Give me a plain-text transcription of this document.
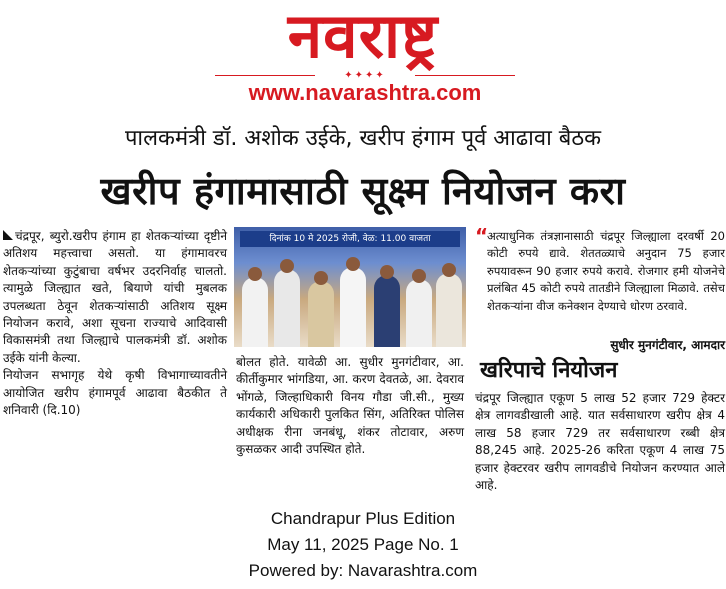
नवराष्ट्र
✦✦✦✦
www.navarashtra.com
पालकमंत्री डॉ. अशोक उईके, खरीप हंगाम पूर्व आढावा बैठक
खरीप हंगामासाठी सूक्ष्म नियोजन करा

चंद्रपूर, ब्युरो.खरीप हंगाम हा शेतकऱ्यांच्या दृष्टीने अतिशय महत्त्वाचा असतो. या हंगामावरच शेतकऱ्यांच्या कुटुंबाचा वर्षभर उदरनिर्वाह चालतो. त्यामुळे जिल्ह्यात खते, बियाणे यांची मुबलक उपलब्धता ठेवून शेतकऱ्यांसाठी अतिशय सूक्ष्म नियोजन करावे, अशा सूचना राज्याचे आदिवासी विकासमंत्री तथा जिल्ह्याचे पालकमंत्री डॉ. अशोक उईके यांनी केल्या.

नियोजन सभागृह येथे कृषी विभागाच्यावतीने आयोजित खरीप हंगामपूर्व आढावा बैठकीत ते शनिवारी (दि.10)

दिनांक 10 मे 2025 रोजी, वेळ: 11.00 वाजता

बोलत होते. यावेळी आ. सुधीर मुनगंटीवार, आ. कीर्तीकुमार भांगडिया, आ. करण देवतळे, आ. देवराव भोंगळे, जिल्हाधिकारी विनय गौडा जी.सी., मुख्य कार्यकारी अधिकारी पुलकित सिंग, अतिरिक्त पोलिस अधीक्षक रीना जनबंधू, शंकर तोटावार, अरुण कुसळकर आदी उपस्थित होते.

“
अत्याधुनिक तंत्रज्ञानासाठी चंद्रपूर जिल्ह्याला दरवर्षी 20 कोटी रुपये द्यावे. शेततळ्याचे अनुदान 75 हजार रुपयावरून 90 हजार रुपये करावे. रोजगार हमी योजनेचे प्रलंबित 45 कोटी रुपये तातडीने जिल्ह्याला मिळावे. तसेच शेतकऱ्यांना वीज कनेक्शन देण्याचे धोरण ठरवावे.
सुधीर मुनगंटीवार, आमदार
खरिपाचे नियोजन

चंद्रपूर जिल्ह्यात एकूण 5 लाख 52 हजार 729 हेक्टर क्षेत्र लागवडीखाली आहे. यात सर्वसाधारण खरीप क्षेत्र 4 लाख 58 हजार 729 तर सर्वसाधारण रब्बी क्षेत्र 88,245 आहे. 2025-26 करिता एकूण 4 लाख 75 हजार हेक्टरवर खरीप लागवडीचे नियोजन करण्यात आले आहे.

Chandrapur Plus Edition
May 11, 2025 Page No. 1
Powered by: Navarashtra.com
